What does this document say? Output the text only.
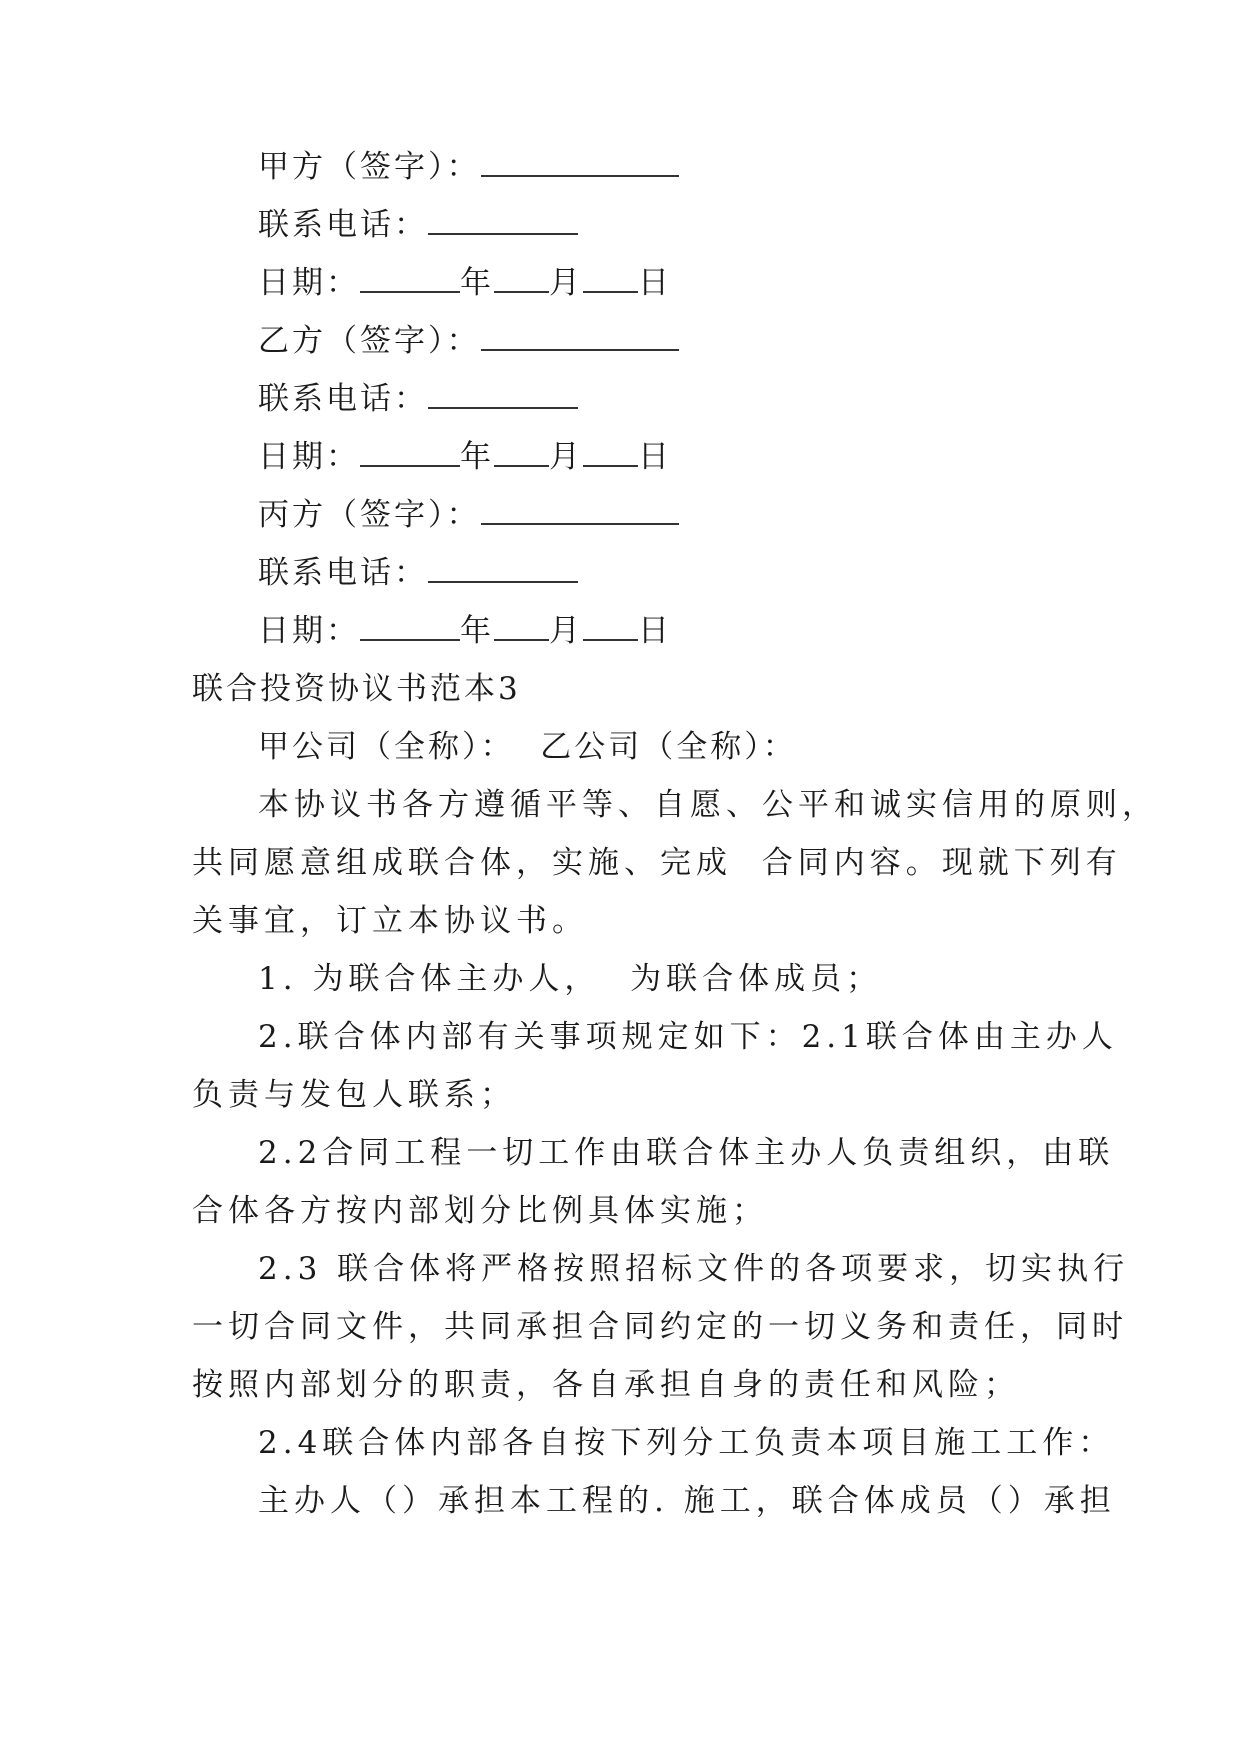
甲方（签字）：
联系电话：
日期：	年 月 日
乙方（签字）：
联系电话：
日期：	年 月 日
丙方（签字）：
联系电话：
日期：	年 月 日
联合投资协议书范本3
甲公司（全称）：  乙公司（全称）：
本协议书各方遵循平等、自愿、公平和诚实信用的原则，
共同愿意组成联合体，实施、完成  合同内容。现就下列有
关事宜，订立本协议书。
1. 为联合体主办人，  为联合体成员；
2.联合体内部有关事项规定如下：2.1联合体由主办人
负责与发包人联系；
2.2合同工程一切工作由联合体主办人负责组织，由联
合体各方按内部划分比例具体实施；
2.3 联合体将严格按照招标文件的各项要求，切实执行
一切合同文件，共同承担合同约定的一切义务和责任，同时
按照内部划分的职责，各自承担自身的责任和风险；
2.4联合体内部各自按下列分工负责本项目施工工作：
主办人（）承担本工程的. 施工，联合体成员（）承担
